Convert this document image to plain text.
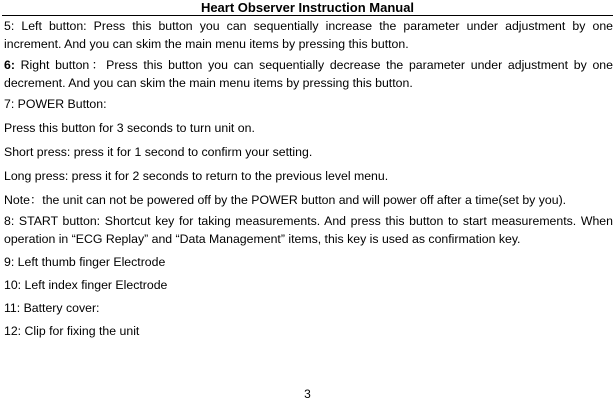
Heart Observer Instruction Manual

5: Left button: Press this button you can sequentially increase the parameter under adjustment by one increment. And you can skim the main menu items by pressing this button.

6: Right button：Press this button you can sequentially decrease the parameter under adjustment by one decrement. And you can skim the main menu items by pressing this button.

7: POWER Button:

Press this button for 3 seconds to turn unit on.

Short press: press it for 1 second to confirm your setting.

Long press: press it for 2 seconds to return to the previous level menu.

Note：the unit can not be powered off by the POWER button and will power off after a time(set by you).

8: START button: Shortcut key for taking measurements. And press this button to start measurements. When operation in “ECG Replay” and “Data Management” items, this key is used as confirmation key.

9: Left thumb finger Electrode

10: Left index finger Electrode

11: Battery cover:

12: Clip for fixing the unit

3
